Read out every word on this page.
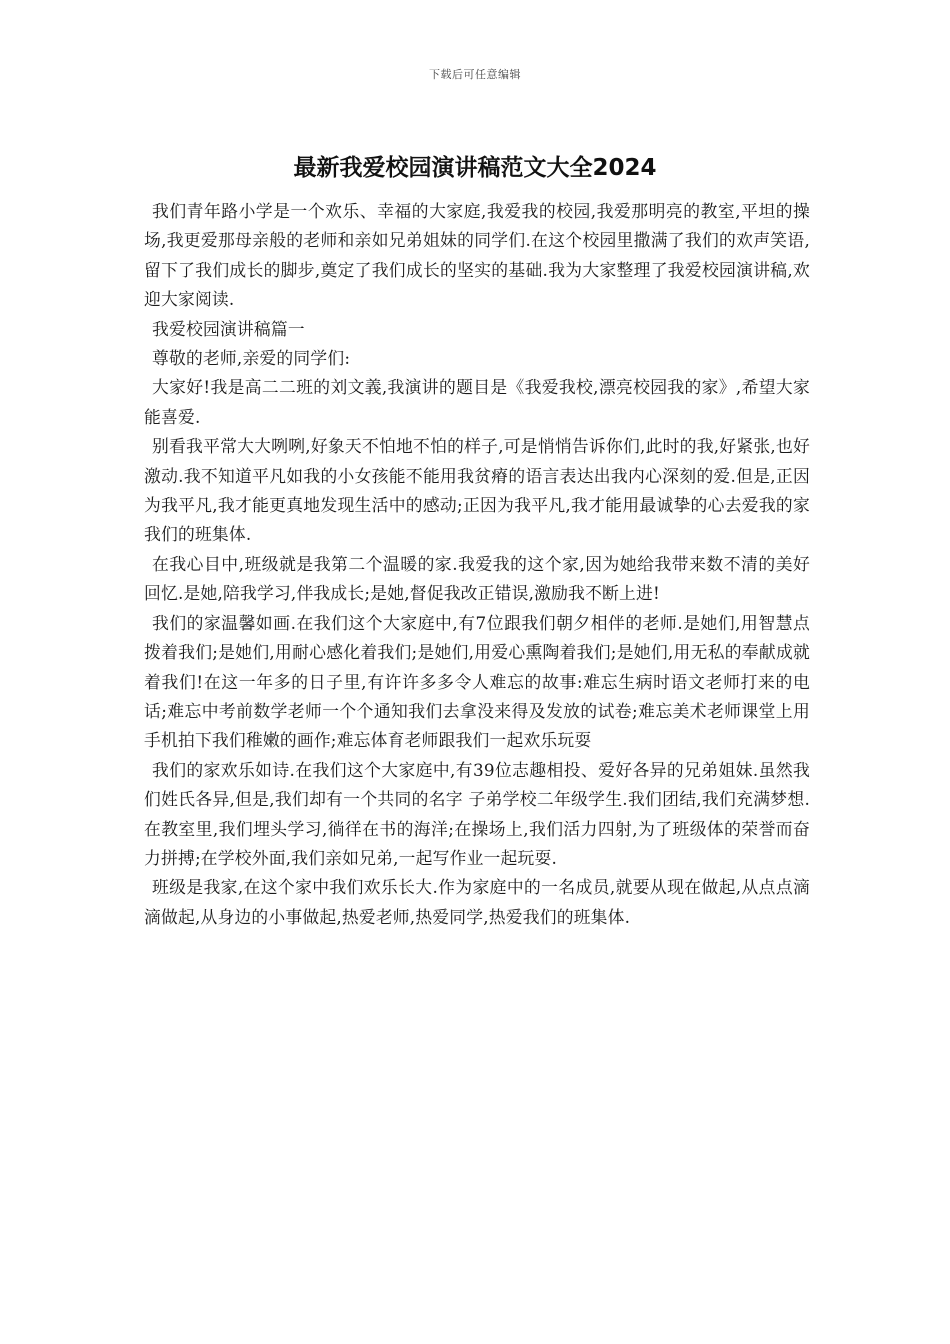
下载后可任意编辑
最新我爱校园演讲稿范文大全2024

我们青年路小学是一个欢乐、幸福的大家庭,我爱我的校园,我爱那明亮的教室,平坦的操场,我更爱那母亲般的老师和亲如兄弟姐妹的同学们.在这个校园里撒满了我们的欢声笑语,留下了我们成长的脚步,奠定了我们成长的坚实的基础.我为大家整理了我爱校园演讲稿,欢迎大家阅读.

我爱校园演讲稿篇一

尊敬的老师,亲爱的同学们:

大家好!我是高二二班的刘文義,我演讲的题目是《我爱我校,漂亮校园我的家》,希望大家能喜爱.

别看我平常大大咧咧,好象天不怕地不怕的样子,可是悄悄告诉你们,此时的我,好紧张,也好激动.我不知道平凡如我的小女孩能不能用我贫瘠的语言表达出我内心深刻的爱.但是,正因为我平凡,我才能更真地发现生活中的感动;正因为我平凡,我才能用最诚挚的心去爱我的家 我们的班集体.

在我心目中,班级就是我第二个温暖的家.我爱我的这个家,因为她给我带来数不清的美好回忆.是她,陪我学习,伴我成长;是她,督促我改正错误,激励我不断上进!

我们的家温馨如画.在我们这个大家庭中,有7位跟我们朝夕相伴的老师.是她们,用智慧点拨着我们;是她们,用耐心感化着我们;是她们,用爱心熏陶着我们;是她们,用无私的奉献成就着我们!在这一年多的日子里,有许许多多令人难忘的故事:难忘生病时语文老师打来的电话;难忘中考前数学老师一个个通知我们去拿没来得及发放的试卷;难忘美术老师课堂上用手机拍下我们稚嫩的画作;难忘体育老师跟我们一起欢乐玩耍

我们的家欢乐如诗.在我们这个大家庭中,有39位志趣相投、爱好各异的兄弟姐妹.虽然我们姓氏各异,但是,我们却有一个共同的名字 子弟学校二年级学生.我们团结,我们充满梦想.在教室里,我们埋头学习,徜徉在书的海洋;在操场上,我们活力四射,为了班级体的荣誉而奋力拼搏;在学校外面,我们亲如兄弟,一起写作业一起玩耍.

班级是我家,在这个家中我们欢乐长大.作为家庭中的一名成员,就要从现在做起,从点点滴滴做起,从身边的小事做起,热爱老师,热爱同学,热爱我们的班集体.
